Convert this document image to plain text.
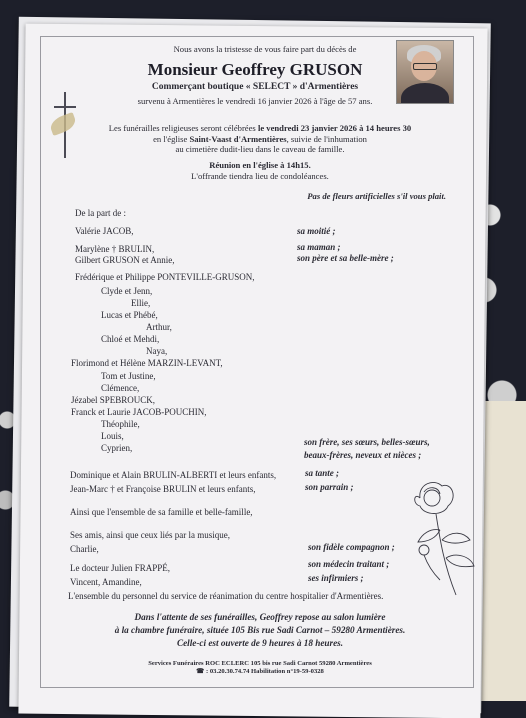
Nous avons la tristesse de vous faire part du décès de
Monsieur Geoffrey GRUSON
Commerçant boutique « SELECT » d'Armentières
survenu à Armentières le vendredi 16 janvier 2026 à l'âge de 57 ans.
Les funérailles religieuses seront célébrées le vendredi 23 janvier 2026 à 14 heures 30
en l'église Saint-Vaast d'Armentières, suivie de l'inhumation
au cimetière dudit-lieu dans le caveau de famille.
Réunion en l'église à 14h15.
L'offrande tiendra lieu de condoléances.
Pas de fleurs artificielles s'il vous plait.
De la part de :
Valérie JACOB,	sa moitié ;
Marylène † BRULIN,	sa maman ;
Gilbert GRUSON et Annie,	son père et sa belle-mère ;
Frédérique et Philippe PONTEVILLE-GRUSON,
Clyde et Jenn,
Ellie,
Lucas et Phébé,
Arthur,
Chloé et Mehdi,
Naya,
Florimond et Hélène MARZIN-LEVANT,
Tom et Justine,
Clémence,
Jézabel SPEBROUCK,
Franck et Laurie JACOB-POUCHIN,
Théophile,
Louis,
Cyprien,
son frère, ses sœurs, belles-sœurs,
beaux-frères, neveux et nièces ;
Dominique et Alain BRULIN-ALBERTI et leurs enfants,	sa tante ;
Jean-Marc † et Françoise BRULIN et leurs enfants,	son parrain ;
Ainsi que l'ensemble de sa famille et belle-famille,
Ses amis, ainsi que ceux liés par la musique,
Charlie,	son fidèle compagnon ;
Le docteur Julien FRAPPÉ,	son médecin traitant ;
Vincent, Amandine,	ses infirmiers ;
L'ensemble du personnel du service de réanimation du centre hospitalier d'Armentières.
Dans l'attente de ses funérailles, Geoffrey repose au salon lumière
à la chambre funéraire, située 105 Bis rue Sadi Carnot – 59280 Armentières.
Celle-ci est ouverte de 9 heures à 18 heures.
Services Funéraires ROC ECLERC 105 bis rue Sadi Carnot 59280 Armentières
☎ : 03.20.30.74.74 Habilitation n°19-59-0328
